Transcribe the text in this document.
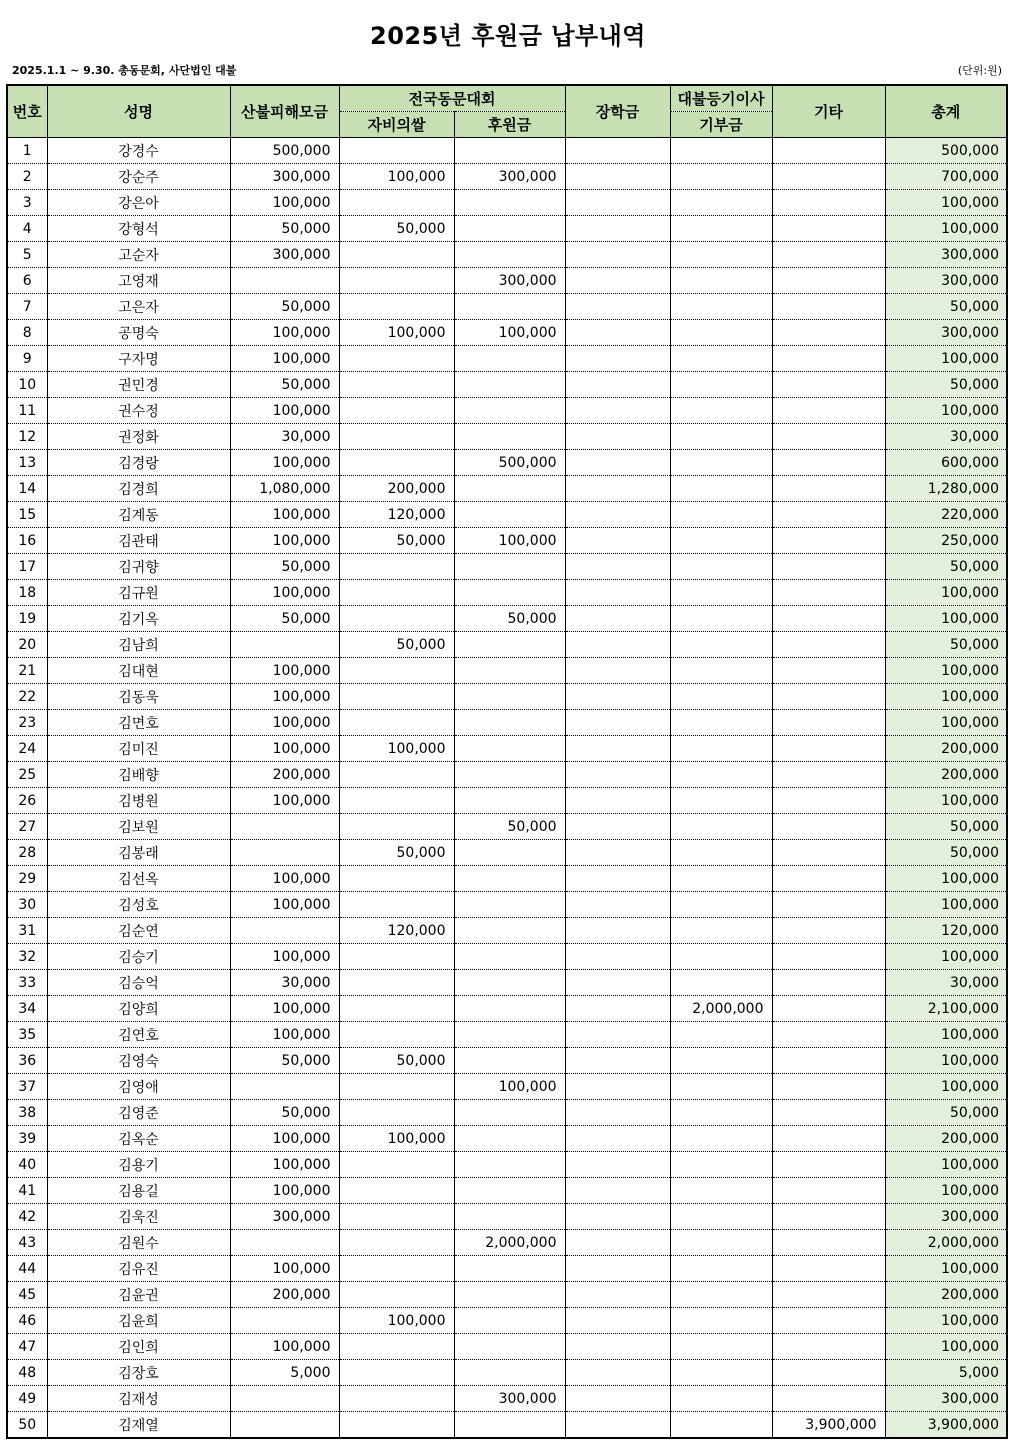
2025년 후원금 납부내역
2025.1.1 ~ 9.30. 총동문회, 사단법인 대불	(단위:원)
번호	성명	산불피해모금	전국동문대회		장학금	대불등기이사	기타	총계
			자비의쌀	후원금		기부금		
1	강경수	500,000						500,000
2	강순주	300,000	100,000	300,000				700,000
3	강은아	100,000						100,000
4	강형석	50,000	50,000					100,000
5	고순자	300,000						300,000
6	고영재			300,000				300,000
7	고은자	50,000						50,000
8	공명숙	100,000	100,000	100,000				300,000
9	구자명	100,000						100,000
10	권민경	50,000						50,000
11	권수정	100,000						100,000
12	권정화	30,000						30,000
13	김경랑	100,000		500,000				600,000
14	김경희	1,080,000	200,000					1,280,000
15	김계동	100,000	120,000					220,000
16	김관태	100,000	50,000	100,000				250,000
17	김귀향	50,000						50,000
18	김규원	100,000						100,000
19	김기옥	50,000		50,000				100,000
20	김남희		50,000					50,000
21	김대현	100,000						100,000
22	김동욱	100,000						100,000
23	김면호	100,000						100,000
24	김미진	100,000	100,000					200,000
25	김배향	200,000						200,000
26	김병원	100,000						100,000
27	김보원			50,000				50,000
28	김봉래		50,000					50,000
29	김선옥	100,000						100,000
30	김성호	100,000						100,000
31	김순연		120,000					120,000
32	김승기	100,000						100,000
33	김승억	30,000						30,000
34	김양희	100,000				2,000,000		2,100,000
35	김연호	100,000						100,000
36	김영숙	50,000	50,000					100,000
37	김영애			100,000				100,000
38	김영준	50,000						50,000
39	김옥순	100,000	100,000					200,000
40	김용기	100,000						100,000
41	김용길	100,000						100,000
42	김욱진	300,000						300,000
43	김원수			2,000,000				2,000,000
44	김유진	100,000						100,000
45	김윤권	200,000						200,000
46	김윤희		100,000					100,000
47	김인희	100,000						100,000
48	김장호	5,000						5,000
49	김재성			300,000				300,000
50	김재열						3,900,000	3,900,000
